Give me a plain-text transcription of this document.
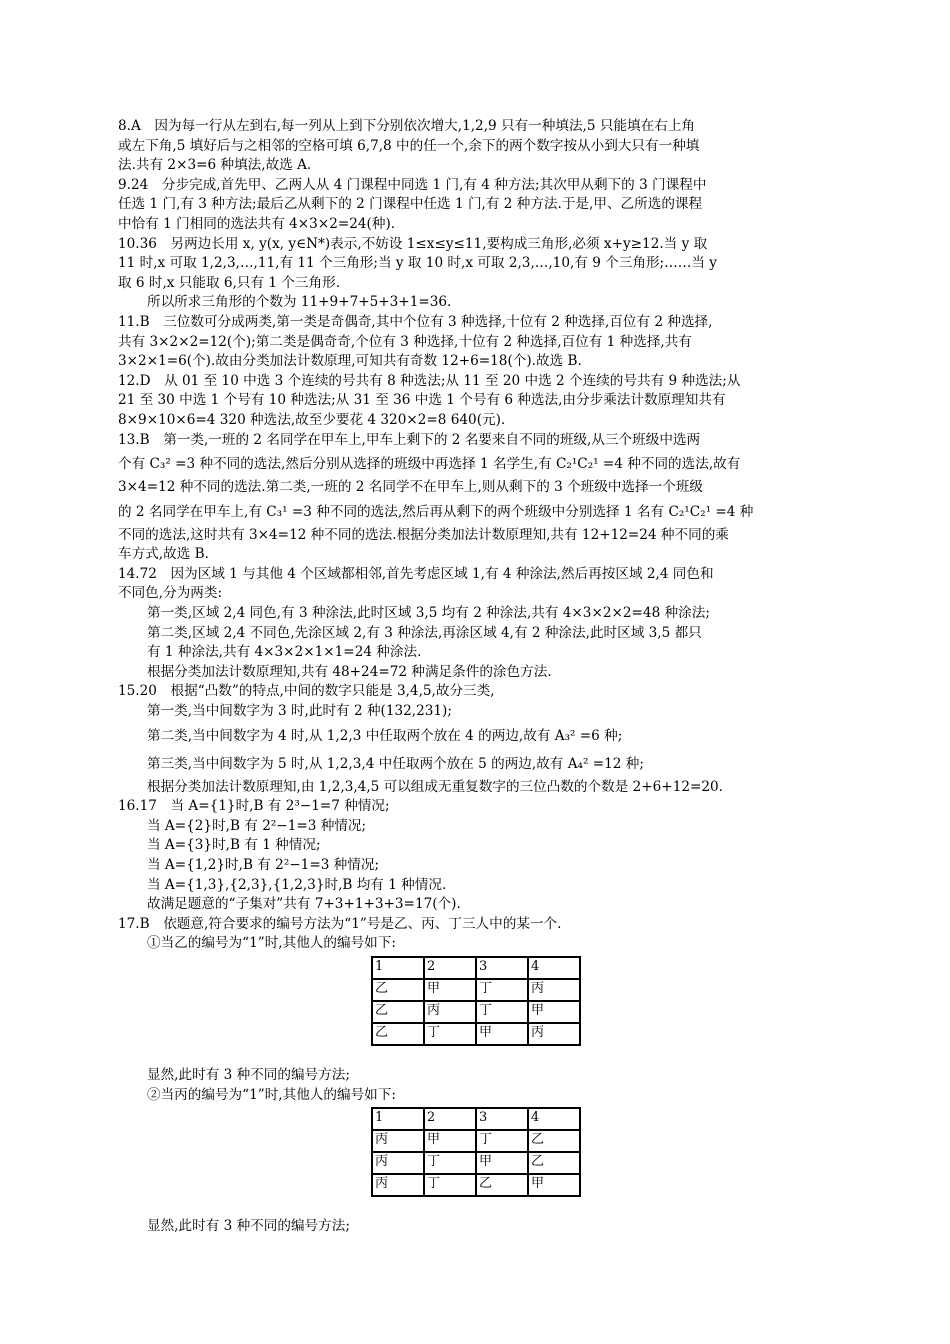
8.A　因为每一行从左到右,每一列从上到下分别依次增大,1,2,9 只有一种填法,5 只能填在右上角

或左下角,5 填好后与之相邻的空格可填 6,7,8 中的任一个,余下的两个数字按从小到大只有一种填

法.共有 2×3=6 种填法,故选 A.

9.24　分步完成,首先甲、乙两人从 4 门课程中同选 1 门,有 4 种方法;其次甲从剩下的 3 门课程中

任选 1 门,有 3 种方法;最后乙从剩下的 2 门课程中任选 1 门,有 2 种方法.于是,甲、乙所选的课程

中恰有 1 门相同的选法共有 4×3×2=24(种).

10.36　另两边长用 x, y(x, y∈N*)表示,不妨设 1≤x≤y≤11,要构成三角形,必须 x+y≥12.当 y 取

11 时,x 可取 1,2,3,…,11,有 11 个三角形;当 y 取 10 时,x 可取 2,3,…,10,有 9 个三角形;……当 y

取 6 时,x 只能取 6,只有 1 个三角形.

所以所求三角形的个数为 11+9+7+5+3+1=36.

11.B　三位数可分成两类,第一类是奇偶奇,其中个位有 3 种选择,十位有 2 种选择,百位有 2 种选择,

共有 3×2×2=12(个);第二类是偶奇奇,个位有 3 种选择,十位有 2 种选择,百位有 1 种选择,共有

3×2×1=6(个).故由分类加法计数原理,可知共有奇数 12+6=18(个).故选 B.

12.D　从 01 至 10 中选 3 个连续的号共有 8 种选法;从 11 至 20 中选 2 个连续的号共有 9 种选法;从

21 至 30 中选 1 个号有 10 种选法;从 31 至 36 中选 1 个号有 6 种选法,由分步乘法计数原理知共有

8×9×10×6=4 320 种选法,故至少要花 4 320×2=8 640(元).

13.B　第一类,一班的 2 名同学在甲车上,甲车上剩下的 2 名要来自不同的班级,从三个班级中选两

个有 C₃² =3 种不同的选法,然后分别从选择的班级中再选择 1 名学生,有 C₂¹C₂¹ =4 种不同的选法,故有

3×4=12 种不同的选法.第二类,一班的 2 名同学不在甲车上,则从剩下的 3 个班级中选择一个班级

的 2 名同学在甲车上,有 C₃¹ =3 种不同的选法,然后再从剩下的两个班级中分别选择 1 名有 C₂¹C₂¹ =4 种

不同的选法,这时共有 3×4=12 种不同的选法.根据分类加法计数原理知,共有 12+12=24 种不同的乘

车方式,故选 B.

14.72　因为区域 1 与其他 4 个区域都相邻,首先考虑区域 1,有 4 种涂法,然后再按区域 2,4 同色和

不同色,分为两类:

第一类,区域 2,4 同色,有 3 种涂法,此时区域 3,5 均有 2 种涂法,共有 4×3×2×2=48 种涂法;

第二类,区域 2,4 不同色,先涂区域 2,有 3 种涂法,再涂区域 4,有 2 种涂法,此时区域 3,5 都只

有 1 种涂法,共有 4×3×2×1×1=24 种涂法.

根据分类加法计数原理知,共有 48+24=72 种满足条件的涂色方法.

15.20　根据“凸数”的特点,中间的数字只能是 3,4,5,故分三类,

第一类,当中间数字为 3 时,此时有 2 种(132,231);

第二类,当中间数字为 4 时,从 1,2,3 中任取两个放在 4 的两边,故有 A₃² =6 种;

第三类,当中间数字为 5 时,从 1,2,3,4 中任取两个放在 5 的两边,故有 A₄² =12 种;

根据分类加法计数原理知,由 1,2,3,4,5 可以组成无重复数字的三位凸数的个数是 2+6+12=20.

16.17　当 A={1}时,B 有 2³−1=7 种情况;

当 A={2}时,B 有 2²−1=3 种情况;

当 A={3}时,B 有 1 种情况;

当 A={1,2}时,B 有 2²−1=3 种情况;

当 A={1,3},{2,3},{1,2,3}时,B 均有 1 种情况.

故满足题意的“子集对”共有 7+3+1+3+3=17(个).

17.B　依题意,符合要求的编号方法为“1”号是乙、丙、丁三人中的某一个.

①当乙的编号为“1”时,其他人的编号如下:

1	2	3	4
乙	甲	丁	丙
乙	丙	丁	甲
乙	丁	甲	丙

显然,此时有 3 种不同的编号方法;

②当丙的编号为“1”时,其他人的编号如下:

1	2	3	4
丙	甲	丁	乙
丙	丁	甲	乙
丙	丁	乙	甲

显然,此时有 3 种不同的编号方法;
